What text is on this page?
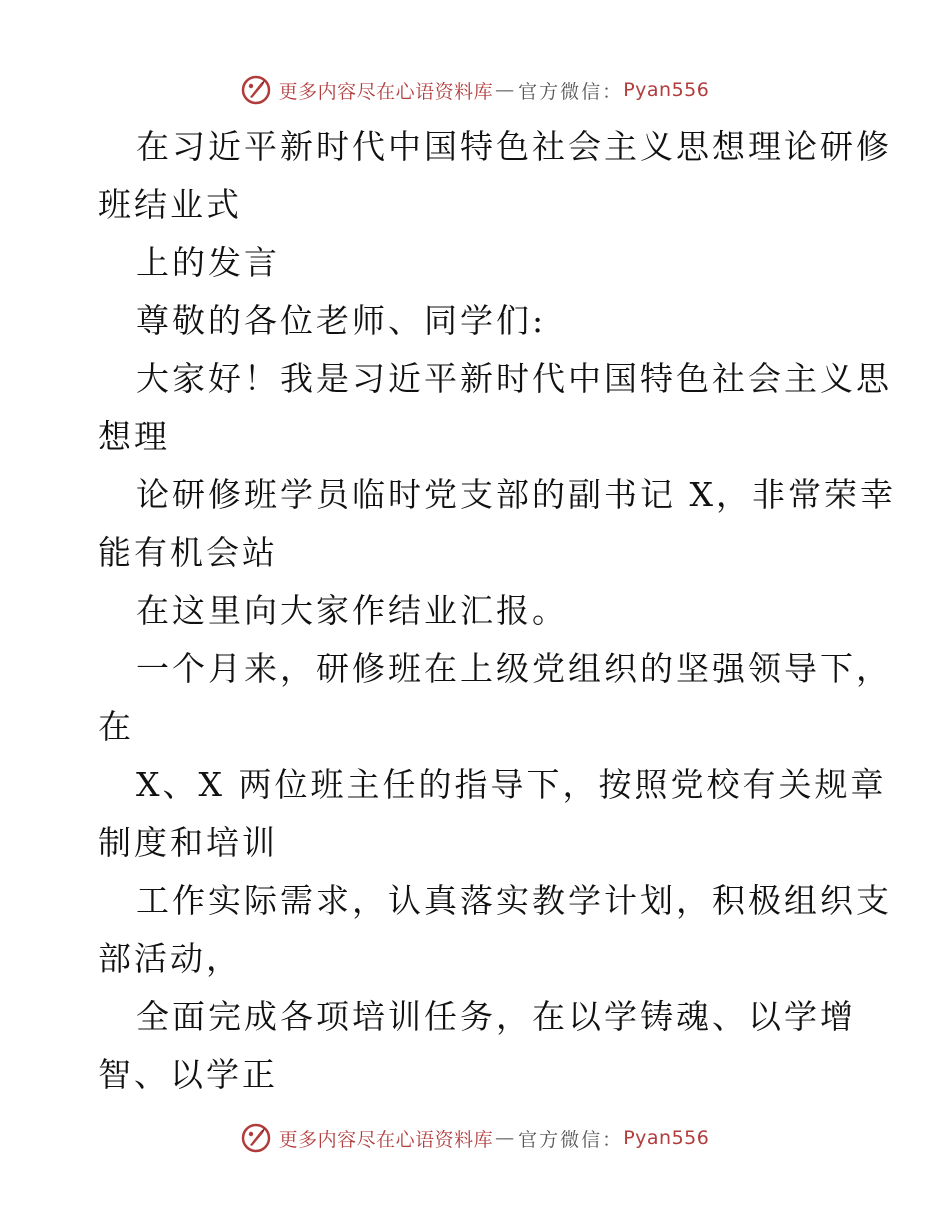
更多内容尽在心语资料库 — 官方微信： Pyan556
在习近平新时代中国特色社会主义思想理论研修
班结业式
上的发言
尊敬的各位老师、同学们:
大家好！我是习近平新时代中国特色社会主义思
想理
论研修班学员临时党支部的副书记 X，非常荣幸
能有机会站
在这里向大家作结业汇报。
一个月来，研修班在上级党组织的坚强领导下，
在
X、X 两位班主任的指导下，按照党校有关规章
制度和培训
工作实际需求，认真落实教学计划，积极组织支
部活动，
全面完成各项培训任务，在以学铸魂、以学增
智、以学正
更多内容尽在心语资料库 — 官方微信： Pyan556
